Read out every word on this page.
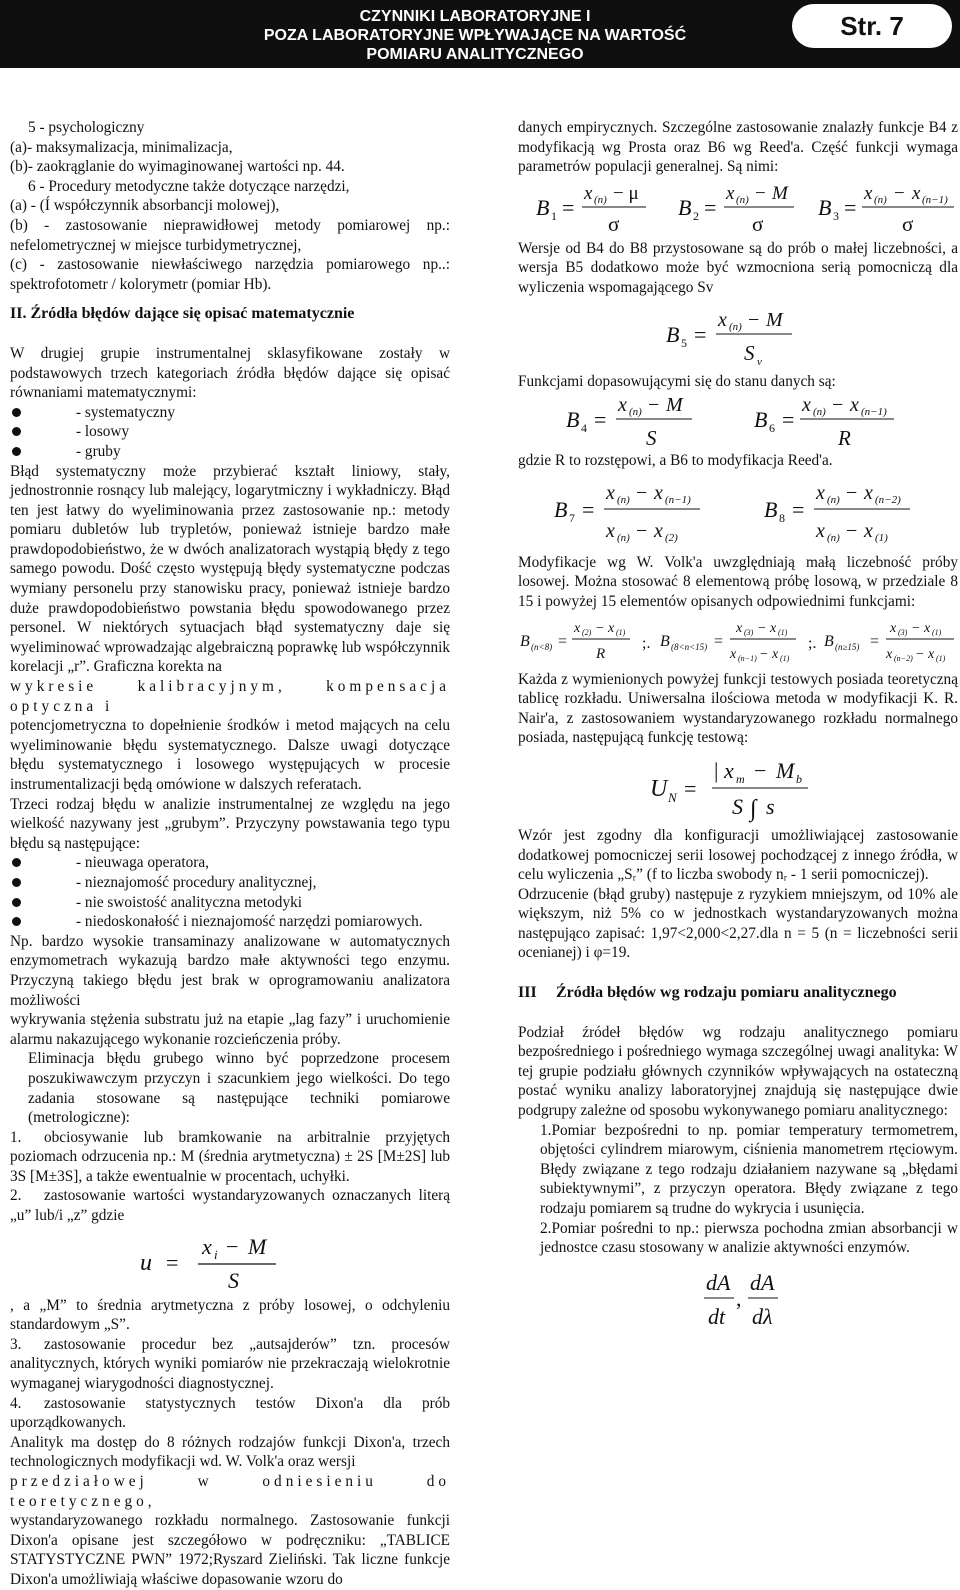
CZYNNIKI LABORATORYJNE I
POZA LABORATORYJNE WPŁYWAJĄCE NA WARTOŚĆ
POMIARU ANALITYCZNEGO
Str. 7

5 - psychologiczny

(a)- maksymalizacja, minimalizacja,

(b)- zaokrąglanie do wyimaginowanej wartości np. 44.

6 - Procedury metodyczne także dotyczące narzędzi,

(a) - (Í współczynnik absorbancji molowej),

(b) - zastosowanie nieprawidłowej metody pomiarowej np.: nefelometrycznej w miejsce turbidymetrycznej,

(c) - zastosowanie niewłaściwego narzędzia pomiarowego np..: spektrofotometr / kolorymetr (pomiar Hb).

II. Źródła błędów dające się opisać matematycznie

W drugiej grupie instrumentalnej sklasyfikowane zostały w podstawowych trzech kategoriach źródła błędów dające się opisać równaniami matematycznymi:

- systematyczny

- losowy

- gruby

Błąd systematyczny może przybierać kształt liniowy, stały, jednostronnie rosnący lub malejący, logarytmiczny i wykładniczy. Błąd ten jest łatwy do wyeliminowania przez zastosowanie np.: metody pomiaru dubletów lub trypletów, ponieważ istnieje bardzo małe prawdopodobieństwo, że w dwóch analizatorach wystąpią błędy z tego samego powodu. Dość często występują błędy systematyczne podczas wymiany personelu przy stanowisku pracy, ponieważ istnieje bardzo duże prawdopodobieństwo powstania błędu spowodowanego przez personel. W niektórych sytuacjach błąd systematyczny daje się wyeliminować wprowadzając algebraiczną poprawkę lub współczynnik korelacji „r”. Graficzna korekta na

wykresie kalibracyjnym, kompensacja optyczna i

potencjometryczna to dopełnienie środków i metod mających na celu wyeliminowanie błędu systematycznego. Dalsze uwagi dotyczące błędu systematycznego i losowego występujących w procesie instrumentalizacji będą omówione w dalszych referatach.

Trzeci rodzaj błędu w analizie instrumentalnej ze względu na jego wielkość nazywany jest „grubym”. Przyczyny powstawania tego typu błędu są następujące:

- nieuwaga operatora,

- nieznajomość procedury analitycznej,

- nie swoistość analityczna metodyki

- niedoskonałość i nieznajomość narzędzi pomiarowych.

Np. bardzo wysokie transaminazy analizowane w automatycznych enzymometrach wykazują bardzo małe aktywności tego enzymu. Przyczyną takiego błędu jest brak w oprogramowaniu analizatora możliwości

wykrywania stężenia substratu już na etapie „lag fazy” i uruchomienie alarmu nakazującego wykonanie rozcieńczenia próby.

Eliminacja błędu grubego winno być poprzedzone procesem poszukiwawczym przyczyn i szacunkiem jego wielkości. Do tego zadania stosowane są następujące techniki pomiarowe (metrologiczne):

1. obciosywanie lub bramkowanie na arbitralnie przyjętych poziomach odrzucenia np.: M (średnia arytmetyczna) ± 2S [M±2S] lub 3S [M±3S], a także ewentualnie w procentach, uchyłki.

2. zastosowanie wartości wystandaryzowanych oznaczanych literą „u” lub/i „z” gdzie

u =
x i − M
S

, a „M” to średnia arytmetyczna z próby losowej, o odchyleniu standardowym „S”.

3. zastosowanie procedur bez „autsajderów” tzn. procesów analitycznych, których wyniki pomiarów nie przekraczają wielokrotnie wymaganej wiarygodności diagnostycznej.

4. zastosowanie statystycznych testów Dixon'a dla prób uporządkowanych.

Analityk ma dostęp do 8 różnych rodzajów funkcji Dixon'a, trzech technologicznych modyfikacji wd. W. Volk'a oraz wersji

przedziałowej w odniesieniu do teoretycznego,

wystandaryzowanego rozkładu normalnego. Zastosowanie funkcji Dixon'a opisane jest szczegółowo w podręczniku: „TABLICE STATYSTYCZNE PWN” 1972;Ryszard Zieliński. Tak liczne funkcje Dixon'a umożliwiają właściwe dopasowanie wzoru do

danych empirycznych. Szczególne zastosowanie znalazły funkcje B4 z modyfikacją wg Prosta oraz B6 wg Reed'a. Część funkcji wymaga parametrów populacji generalnej. Są nimi:

B 1 =
x (n) − μ
σ
B 2 =
x (n) − M
σ
B 3 =
x (n) − x (n−1)
σ

Wersje od B4 do B8 przystosowane są do prób o małej liczebności, a wersja B5 dodatkowo może być wzmocniona serią pomocniczą dla wyliczenia wspomagającego Sv

B 5 =
x (n) − M
S v

Funkcjami dopasowującymi się do stanu danych są:

B 4 =
x (n) − M
S
B 6 =
x (n) − x (n−1)
R

gdzie R to rozstępowi, a B6 to modyfikacja Reed'a.

B 7 =
x (n) − x (n−1)
x (n) − x (2)
B 8 =
x (n) − x (n−2)
x (n) − x (1)

Modyfikacje wg W. Volk'a uwzględniają małą liczebność próby losowej. Można stosować 8 elementową próbę losową, w przedziale 8 15 i powyżej 15 elementów opisanych odpowiednimi funkcjami:

B (n<8) =
x (2) − x (1)
R
;. B (8<n<15) =
x (3) − x (1)
x (n−1) − x (1)
;. B (n≥15) =
x (3) − x (1)
x (n−2) − x (1)

Każda z wymienionych powyżej funkcji testowych posiada teoretyczną tablicę rozkładu. Uniwersalna ilościowa metoda w modyfikacji K. R. Nair'a, z zastosowaniem wystandaryzowanego rozkładu normalnego posiada, następującą funkcję testową:

U N =
| x m − M b
S ∫ s

Wzór jest zgodny dla konfiguracji umożliwiającej zastosowanie dodatkowej pomocniczej serii losowej pochodzącej z innego źródła, w celu wyliczenia „Sᵣ” (f to liczba swobody nᵣ - 1 serii pomocniczej).

Odrzucenie (błąd gruby) następuje z ryzykiem mniejszym, od 10% ale większym, niż 5% co w jednostkach wystandaryzowanych można następująco zapisać: 1,97<2,000<2,27.dla n = 5 (n = liczebności serii ocenianej) i φ=19.

III Źródła błędów wg rodzaju pomiaru analitycznego

Podział źródeł błędów wg rodzaju analitycznego pomiaru bezpośredniego i pośredniego wymaga szczególnej uwagi analityka: W tej grupie podziału głównych czynników wpływających na ostateczną postać wyniku analizy laboratoryjnej znajdują się następujące dwie podgrupy zależne od sposobu wykonywanego pomiaru analitycznego:

1.Pomiar bezpośredni to np. pomiar temperatury termometrem, objętości cylindrem miarowym, ciśnienia manometrem rtęciowym. Błędy związane z tego rodzaju działaniem nazywane są „błędami subiektywnymi”, z przyczyn operatora. Błędy związane z tego rodzaju pomiarem są trudne do wykrycia i usunięcia.

2.Pomiar pośredni to np.: pierwsza pochodna zmian absorbancji w jednostce czasu stosowany w analizie aktywności enzymów.

dA
dt
,
dA
dλ
